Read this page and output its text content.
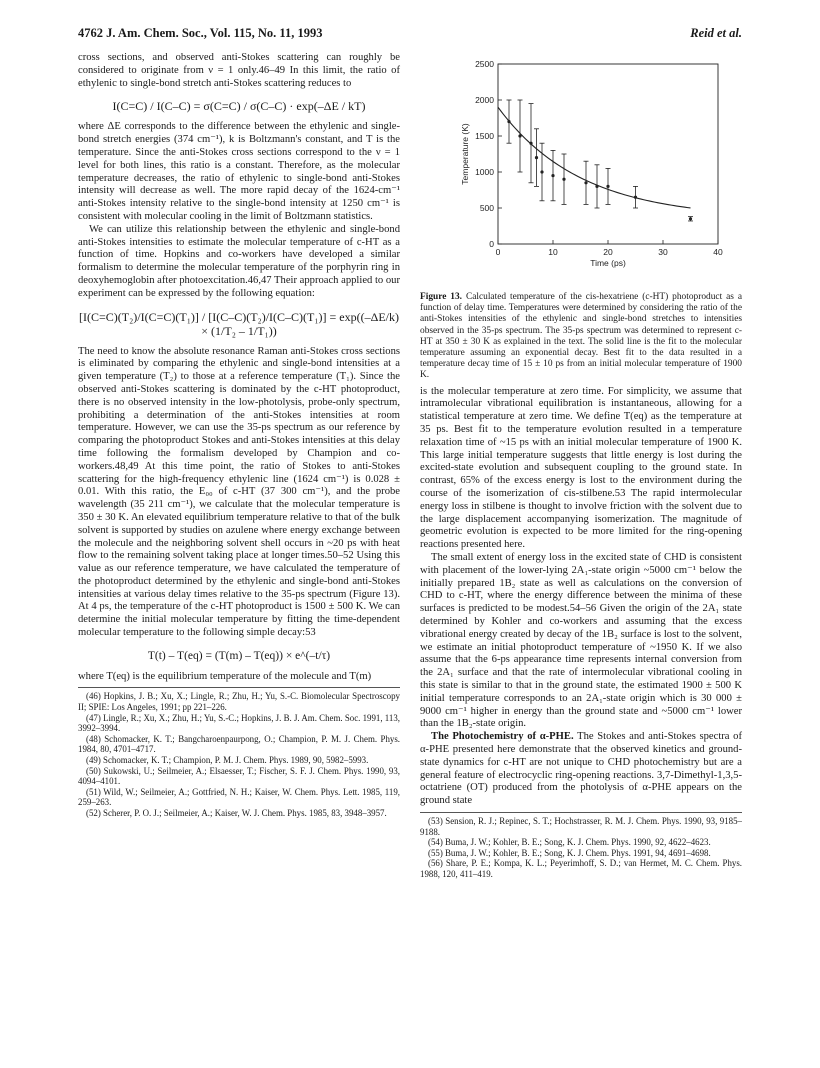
4762 J. Am. Chem. Soc., Vol. 115, No. 11, 1993	Reid et al.

cross sections, and observed anti-Stokes scattering can roughly be considered to originate from ν = 1 only.46–49 In this limit, the ratio of ethylenic to single-bond stretch anti-Stokes scattering reduces to

I(C=C) / I(C–C) = σ(C=C) / σ(C–C) · exp(–ΔE / kT)

where ΔE corresponds to the difference between the ethylenic and single-bond stretch energies (374 cm⁻¹), k is Boltzmann's constant, and T is the temperature. Since the anti-Stokes cross sections correspond to the ν = 1 level for both lines, this ratio is a constant. Therefore, as the molecular temperature decreases, the ratio of ethylenic to single-bond anti-Stokes intensity will decrease as well. The more rapid decay of the 1624-cm⁻¹ anti-Stokes intensity relative to the single-bond intensity at 1250 cm⁻¹ is consistent with molecular cooling in the limit of Boltzmann statistics.

We can utilize this relationship between the ethylenic and single-bond anti-Stokes intensities to estimate the molecular temperature of c-HT as a function of time. Hopkins and co-workers have developed a similar formalism to determine the molecular temperature of the porphyrin ring in deoxyhemoglobin after photoexcitation.46,47 Their approach applied to our experiment can be expressed by the following equation:

[I(C=C)(T₂)/I(C=C)(T₁)] / [I(C–C)(T₂)/I(C–C)(T₁)] = exp((–ΔE/k) × (1/T₂ – 1/T₁))

The need to know the absolute resonance Raman anti-Stokes cross sections is eliminated by comparing the ethylenic and single-bond intensities at a given temperature (T₂) to those at a reference temperature (T₁). Since the observed anti-Stokes scattering is dominated by the c-HT photoproduct, there is no observed intensity in the low-photolysis, probe-only spectrum, prohibiting a determination of the anti-Stokes intensities at room temperature. However, we can use the 35-ps spectrum as our reference by comparing the photoproduct Stokes and anti-Stokes intensities at this delay time following the formalism developed by Champion and co-workers.48,49 At this time point, the ratio of Stokes to anti-Stokes scattering for the high-frequency ethylenic line (1624 cm⁻¹) is 0.028 ± 0.01. With this ratio, the E₀₀ of c-HT (37 300 cm⁻¹), and the probe wavelength (35 211 cm⁻¹), we calculate that the molecular temperature is 350 ± 30 K. An elevated equilibrium temperature relative to that of the bulk solvent is supported by studies on azulene where energy exchange between the molecule and the neighboring solvent shell occurs in ~20 ps with heat flow to the remaining solvent taking place at longer times.50–52 Using this value as our reference temperature, we have calculated the temperature of the photoproduct determined by the ethylenic and single-bond anti-Stokes intensities at various delay times relative to the 35-ps spectrum (Figure 13). At 4 ps, the temperature of the c-HT photoproduct is 1500 ± 500 K. We can determine the initial molecular temperature by fitting the time-dependent molecular temperature to the following simple decay:53

T(t) – T(eq) = (T(m) – T(eq)) × e^(–t/τ)

where T(eq) is the equilibrium temperature of the molecule and T(m)

(46) Hopkins, J. B.; Xu, X.; Lingle, R.; Zhu, H.; Yu, S.-C. Biomolecular Spectroscopy II; SPIE: Los Angeles, 1991; pp 221–226.

(47) Lingle, R.; Xu, X.; Zhu, H.; Yu, S.-C.; Hopkins, J. B. J. Am. Chem. Soc. 1991, 113, 3992–3994.

(48) Schomacker, K. T.; Bangcharoenpaurpong, O.; Champion, P. M. J. Chem. Phys. 1984, 80, 4701–4717.

(49) Schomacker, K. T.; Champion, P. M. J. Chem. Phys. 1989, 90, 5982–5993.

(50) Sukowski, U.; Seilmeier, A.; Elsaesser, T.; Fischer, S. F. J. Chem. Phys. 1990, 93, 4094–4101.

(51) Wild, W.; Seilmeier, A.; Gottfried, N. H.; Kaiser, W. Chem. Phys. Lett. 1985, 119, 259–263.

(52) Scherer, P. O. J.; Seilmeier, A.; Kaiser, W. J. Chem. Phys. 1985, 83, 3948–3957.

0
500
1000
1500
2000
2500
0	10	20	30	40
Time (ps)
Temperature (K)
Figure 13. Calculated temperature of the cis-hexatriene (c-HT) photoproduct as a function of delay time. Temperatures were determined by considering the ratio of the anti-Stokes intensities of the ethylenic and single-bond stretches to intensities observed in the 35-ps spectrum. The 35-ps spectrum was determined to represent c-HT at 350 ± 30 K as explained in the text. The solid line is the fit to the molecular temperature assuming an exponential decay. Best fit to the data resulted in a temperature decay time of 15 ± 10 ps from an initial molecular temperature of 1900 K.

is the molecular temperature at zero time. For simplicity, we assume that intramolecular vibrational equilibration is instantaneous, allowing for a statistical temperature at zero time. We define T(eq) as the temperature at 35 ps. Best fit to the temperature evolution resulted in a temperature relaxation time of ~15 ps with an initial molecular temperature of 1900 K. This large initial temperature suggests that little energy is lost during the excited-state evolution and subsequent coupling to the ground state. In contrast, 65% of the excess energy is lost to the environment during the course of the isomerization of cis-stilbene.53 The rapid intermolecular energy loss in stilbene is thought to involve friction with the solvent due to the large displacement accompanying isomerization. The magnitude of geometric evolution is expected to be more limited for the ring-opening reactions presented here.

The small extent of energy loss in the excited state of CHD is consistent with placement of the lower-lying 2A₁-state origin ~5000 cm⁻¹ below the initially prepared 1B₂ state as well as calculations on the conversion of CHD to c-HT, where the energy difference between the minima of these surfaces is predicted to be modest.54–56 Given the origin of the 2A₁ state determined by Kohler and co-workers and assuming that the excess vibrational energy created by decay of the 1B₂ surface is lost to the solvent, we estimate an initial photoproduct temperature of ~1950 K. If we also assume that the 6-ps appearance time represents internal conversion from the 2A₁ surface and that the rate of intermolecular vibrational cooling in this state is similar to that in the ground state, the estimated 1900 ± 500 K initial temperature corresponds to an 2A₁-state origin which is 30 000 ± 9000 cm⁻¹ higher in energy than the ground state and ~5000 cm⁻¹ lower than the 1B₂-state origin.

The Photochemistry of α-PHE. The Stokes and anti-Stokes spectra of α-PHE presented here demonstrate that the observed kinetics and ground-state dynamics for c-HT are not unique to CHD photochemistry but are a general feature of electrocyclic ring-opening reactions. 3,7-Dimethyl-1,3,5-octatriene (OT) produced from the photolysis of α-PHE appears on the ground state

(53) Sension, R. J.; Repinec, S. T.; Hochstrasser, R. M. J. Chem. Phys. 1990, 93, 9185–9188.

(54) Buma, J. W.; Kohler, B. E.; Song, K. J. Chem. Phys. 1990, 92, 4622–4623.

(55) Buma, J. W.; Kohler, B. E.; Song, K. J. Chem. Phys. 1991, 94, 4691–4698.

(56) Share, P. E.; Kompa, K. L.; Peyerimhoff, S. D.; van Hermet, M. C. Chem. Phys. 1988, 120, 411–419.
